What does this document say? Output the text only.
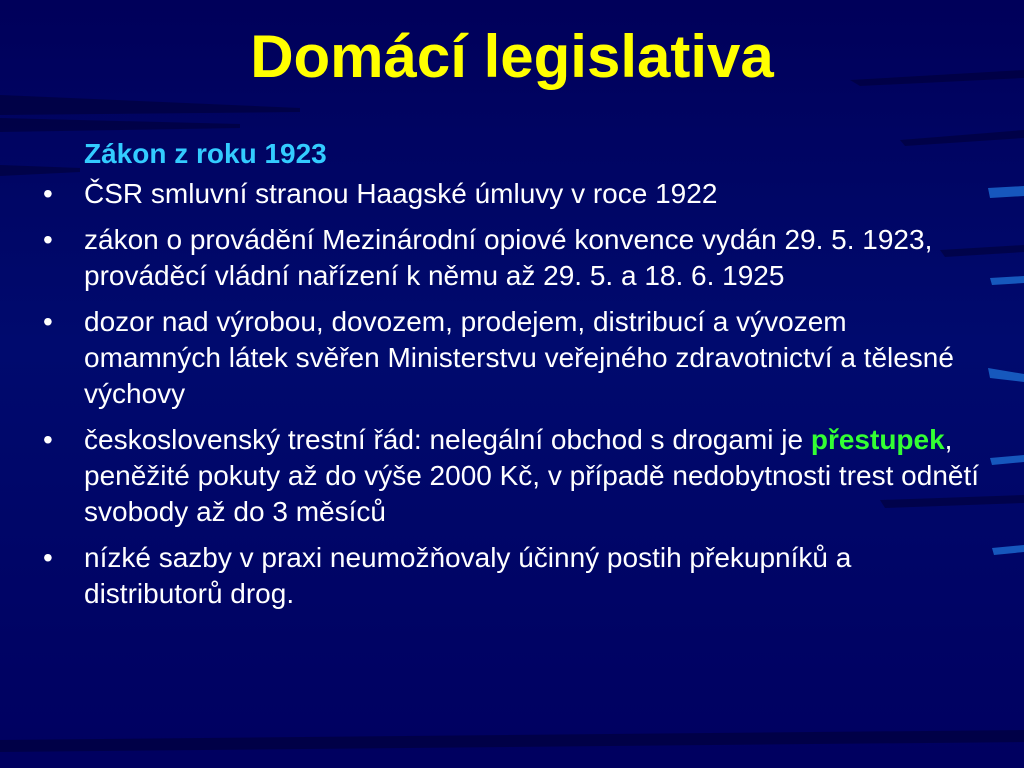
Domácí legislativa

Zákon z roku 1923

• ČSR smluvní stranou Haagské úmluvy v roce 1922
• zákon o provádění Mezinárodní opiové konvence vydán 29. 5. 1923, prováděcí vládní nařízení k němu až 29. 5. a 18. 6. 1925
• dozor nad výrobou, dovozem, prodejem, distribucí a vývozem omamných látek svěřen Ministerstvu veřejného zdravotnictví a tělesné výchovy
• československý trestní řád: nelegální obchod s drogami je přestupek, peněžité pokuty až do výše 2000 Kč, v případě nedobytnosti trest odnětí svobody až do 3 měsíců
• nízké sazby v praxi neumožňovaly účinný postih překupníků a distributorů drog.
